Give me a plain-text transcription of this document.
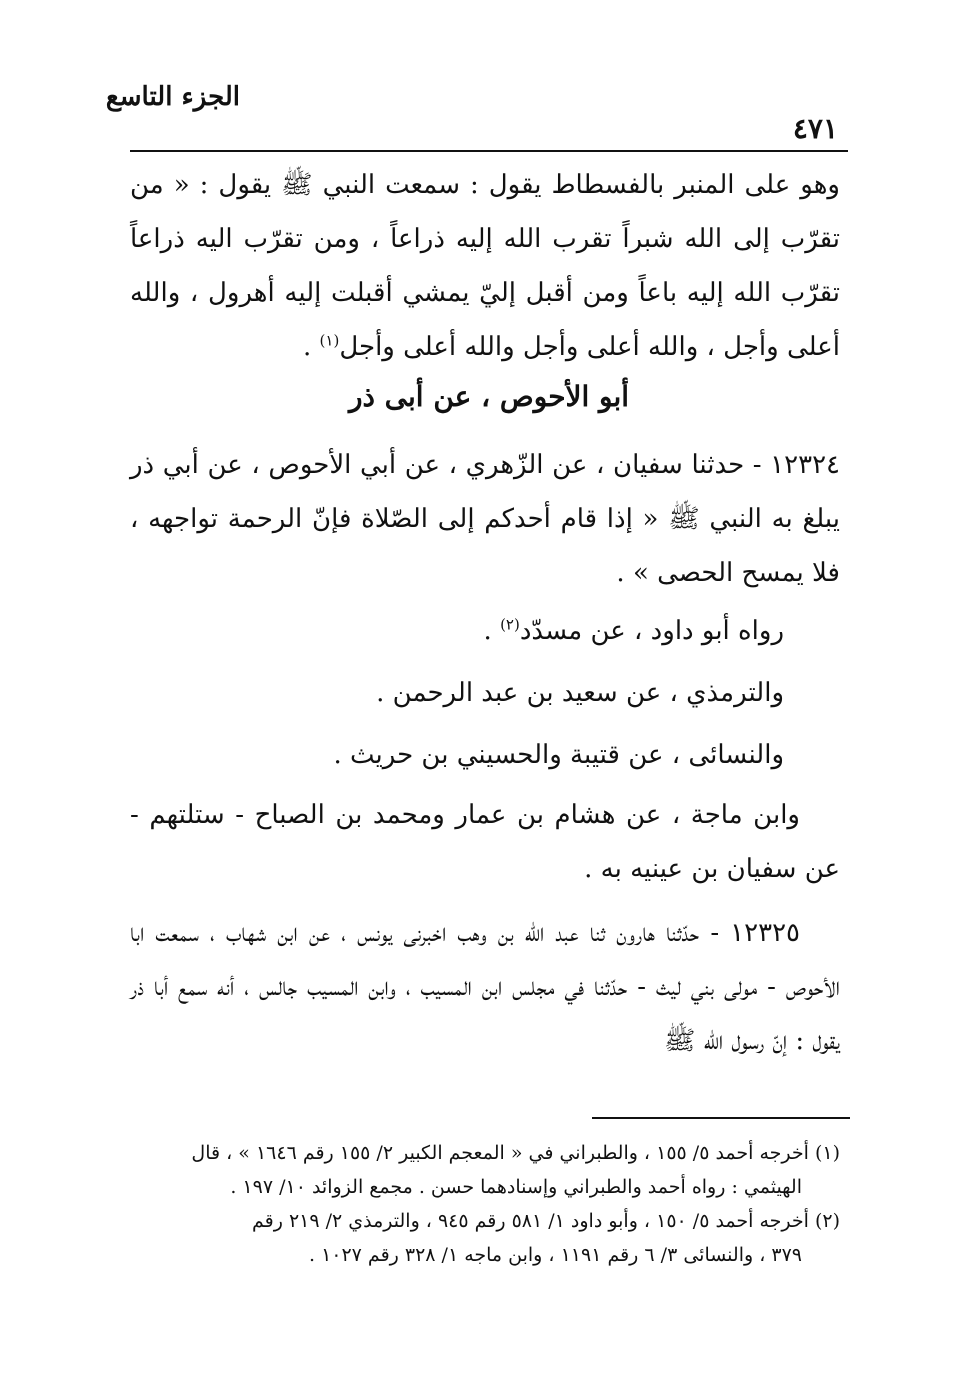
الجزء التاسع
٤٧١

وهو على المنبر بالفسطاط يقول : سمعت النبي ﷺ يقول : « من تقرّب إلى الله شبراً تقرب الله إليه ذراعاً ، ومن تقرّب اليه ذراعاً تقرّب الله إليه باعاً ومن أقبل إليّ يمشي أقبلت إليه أهرول ، والله أعلى وأجل ، والله أعلى وأجل والله أعلى وأجل$^{(١)}$ .

أبو الأحوص ، عن أبى ذر

١٢٣٢٤ - حدثنا سفيان ، عن الزّهري ، عن أبي الأحوص ، عن أبي ذر يبلغ به النبي ﷺ « إذا قام أحدكم إلى الصّلاة فإنّ الرحمة تواجهه ، فلا يمسح الحصى » .

رواه أبو داود ، عن مسدّد$^{(٢)}$ .

والترمذي ، عن سعيد بن عبد الرحمن .

والنسائى ، عن قتيبة والحسيني بن حريث .

وابن ماجة ، عن هشام بن عمار ومحمد بن الصباح - ستلتهم - عن سفيان بن عينيه به .

١٢٣٢٥ - حدّثنا هارون ثنا عبد الله بن وهب اخبرنى يونس ، عن ابن شهاب ، سمعت ابا الأحوص - مولى بني ليث - حدّثنا في مجلس ابن المسيب ، وابن المسيب جالس ، أنه سمع أبا ذر يقول : إنّ رسول الله ﷺ

(١) أخرجه أحمد ٥/ ١٥٥ ، والطبراني في « المعجم الكبير ٢/ ١٥٥ رقم ١٦٤٦ » ، قال
الهيثمي : رواه أحمد والطبراني وإسنادهما حسن . مجمع الزوائد ١٠/ ١٩٧ .

(٢) أخرجه أحمد ٥/ ١٥٠ ، وأبو داود ١/ ٥٨١ رقم ٩٤٥ ، والترمذي ٢/ ٢١٩ رقم
٣٧٩ ، والنسائى ٣/ ٦ رقم ١١٩١ ، وابن ماجه ١/ ٣٢٨ رقم ١٠٢٧ .
